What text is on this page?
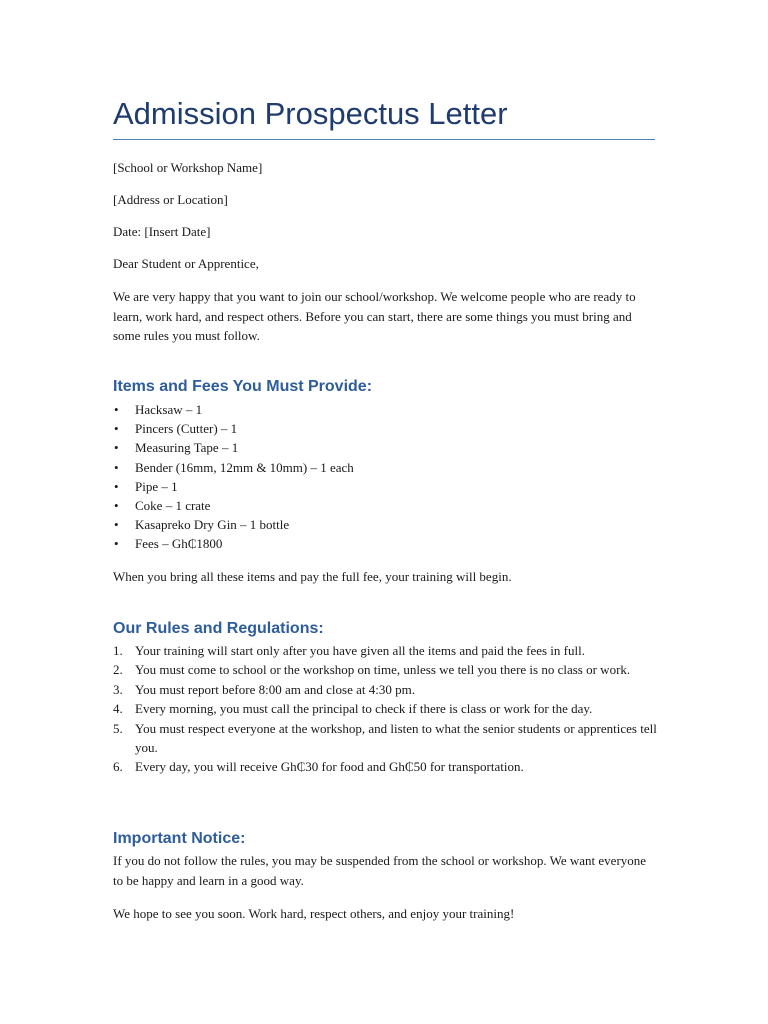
Admission Prospectus Letter

[School or Workshop Name]

[Address or Location]

Date: [Insert Date]

Dear Student or Apprentice,

We are very happy that you want to join our school/workshop. We welcome people who are ready to learn, work hard, and respect others. Before you can start, there are some things you must bring and some rules you must follow.

Items and Fees You Must Provide:
• Hacksaw – 1
• Pincers (Cutter) – 1
• Measuring Tape – 1
• Bender (16mm, 12mm & 10mm) – 1 each
• Pipe – 1
• Coke – 1 crate
• Kasapreko Dry Gin – 1 bottle
• Fees – Gh₵1800

When you bring all these items and pay the full fee, your training will begin.

Our Rules and Regulations:
1. Your training will start only after you have given all the items and paid the fees in full.
2. You must come to school or the workshop on time, unless we tell you there is no class or work.
3. You must report before 8:00 am and close at 4:30 pm.
4. Every morning, you must call the principal to check if there is class or work for the day.
5. You must respect everyone at the workshop, and listen to what the senior students or apprentices tell you.
6. Every day, you will receive Gh₵30 for food and Gh₵50 for transportation.
Important Notice:

If you do not follow the rules, you may be suspended from the school or workshop. We want everyone to be happy and learn in a good way.

We hope to see you soon. Work hard, respect others, and enjoy your training!
